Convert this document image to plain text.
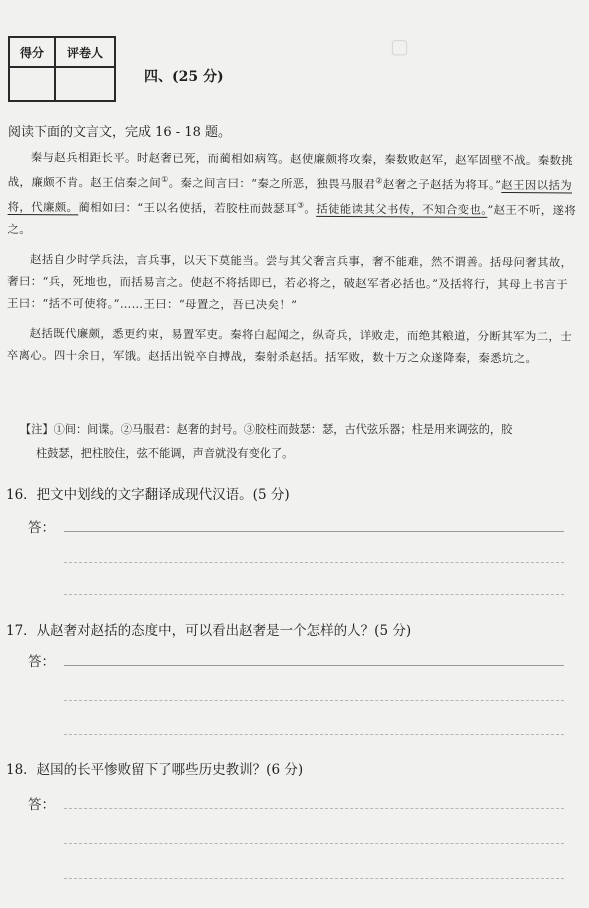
得分	评卷人

四、(25 分)
▢
阅读下面的文言文，完成 16 - 18 题。

秦与赵兵相距长平。时赵奢已死，而蔺相如病笃。赵使廉颇将攻秦，秦数败赵军，赵军固壁不战。秦数挑战，廉颇不肯。赵王信秦之间①。秦之间言曰：“秦之所恶，独畏马服君②赵奢之子赵括为将耳。”赵王因以括为将，代廉颇。蔺相如曰：“王以名使括，若胶柱而鼓瑟耳③。括徒能读其父书传，不知合变也。”赵王不听，遂将之。

赵括自少时学兵法，言兵事，以天下莫能当。尝与其父奢言兵事，奢不能难，然不谓善。括母问奢其故，奢曰：“兵，死地也，而括易言之。使赵不将括即已，若必将之，破赵军者必括也。”及括将行，其母上书言于王曰：“括不可使将。”……王曰：“母置之，吾已决矣！”

赵括既代廉颇，悉更约束，易置军吏。秦将白起闻之，纵奇兵，详败走，而绝其粮道，分断其军为二，士卒离心。四十余日，军饿。赵括出锐卒自搏战，秦射杀赵括。括军败，数十万之众遂降秦，秦悉坑之。

【注】①间：间谍。②马服君：赵奢的封号。③胶柱而鼓瑟：瑟，古代弦乐器；柱是用来调弦的，胶
柱鼓瑟，把柱胶住，弦不能调，声音就没有变化了。
16．把文中划线的文字翻译成现代汉语。(5 分)
答：
17．从赵奢对赵括的态度中，可以看出赵奢是一个怎样的人？(5 分)
答：
18．赵国的长平惨败留下了哪些历史教训？(6 分)
答：
